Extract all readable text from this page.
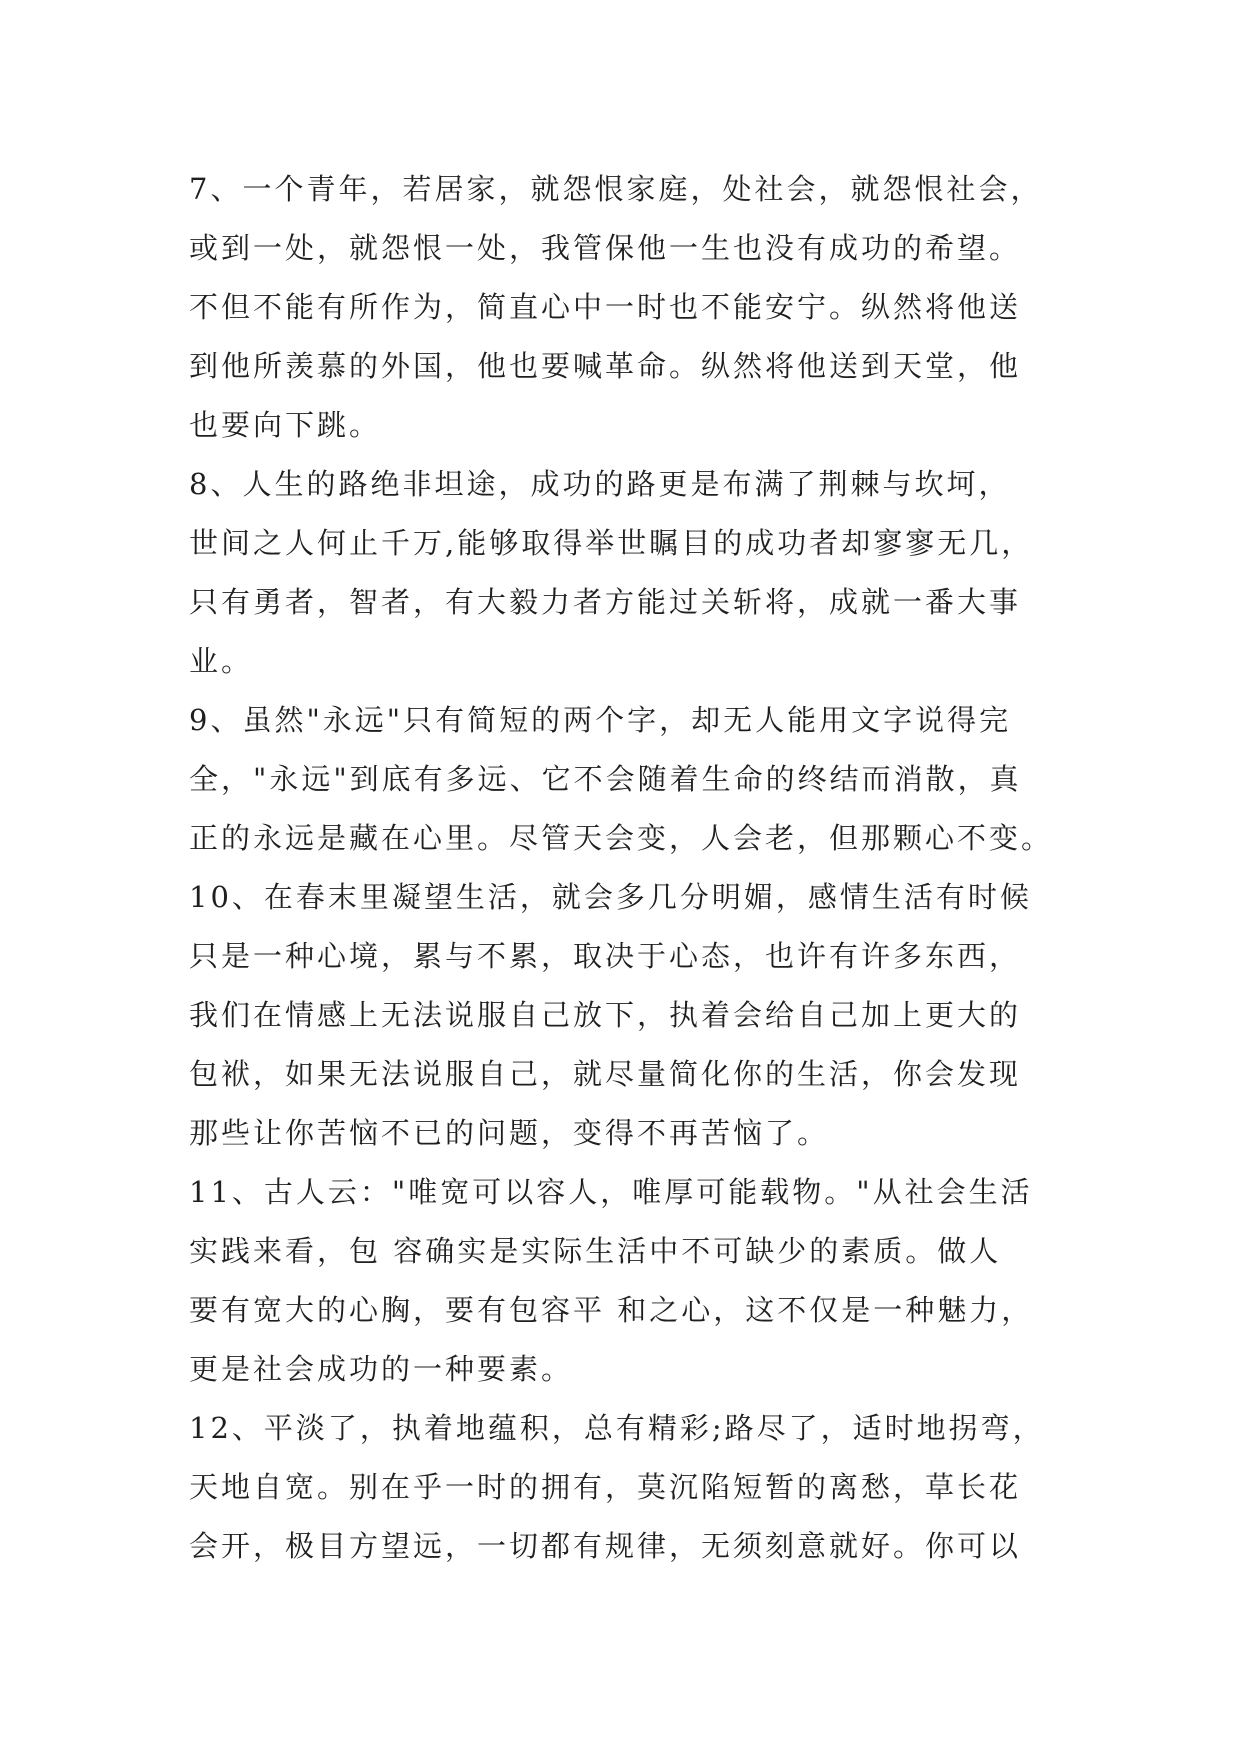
7、一个青年，若居家，就怨恨家庭，处社会，就怨恨社会，
或到一处，就怨恨一处，我管保他一生也没有成功的希望。
不但不能有所作为，简直心中一时也不能安宁。纵然将他送
到他所羡慕的外国，他也要喊革命。纵然将他送到天堂，他
也要向下跳。
8、人生的路绝非坦途，成功的路更是布满了荆棘与坎坷，
世间之人何止千万,能够取得举世瞩目的成功者却寥寥无几，
只有勇者，智者，有大毅力者方能过关斩将，成就一番大事
业。
9、虽然"永远"只有简短的两个字，却无人能用文字说得完
全，"永远"到底有多远、它不会随着生命的终结而消散，真
正的永远是藏在心里。尽管天会变，人会老，但那颗心不变。
10、在春末里凝望生活，就会多几分明媚，感情生活有时候
只是一种心境，累与不累，取决于心态，也许有许多东西，
我们在情感上无法说服自己放下，执着会给自己加上更大的
包袱，如果无法说服自己，就尽量简化你的生活，你会发现
那些让你苦恼不已的问题，变得不再苦恼了。
11、古人云："唯宽可以容人，唯厚可能载物。"从社会生活
实践来看，包 容确实是实际生活中不可缺少的素质。做人
要有宽大的心胸，要有包容平 和之心，这不仅是一种魅力，
更是社会成功的一种要素。
12、平淡了，执着地蕴积，总有精彩;路尽了，适时地拐弯，
天地自宽。别在乎一时的拥有，莫沉陷短暂的离愁，草长花
会开，极目方望远，一切都有规律，无须刻意就好。你可以
